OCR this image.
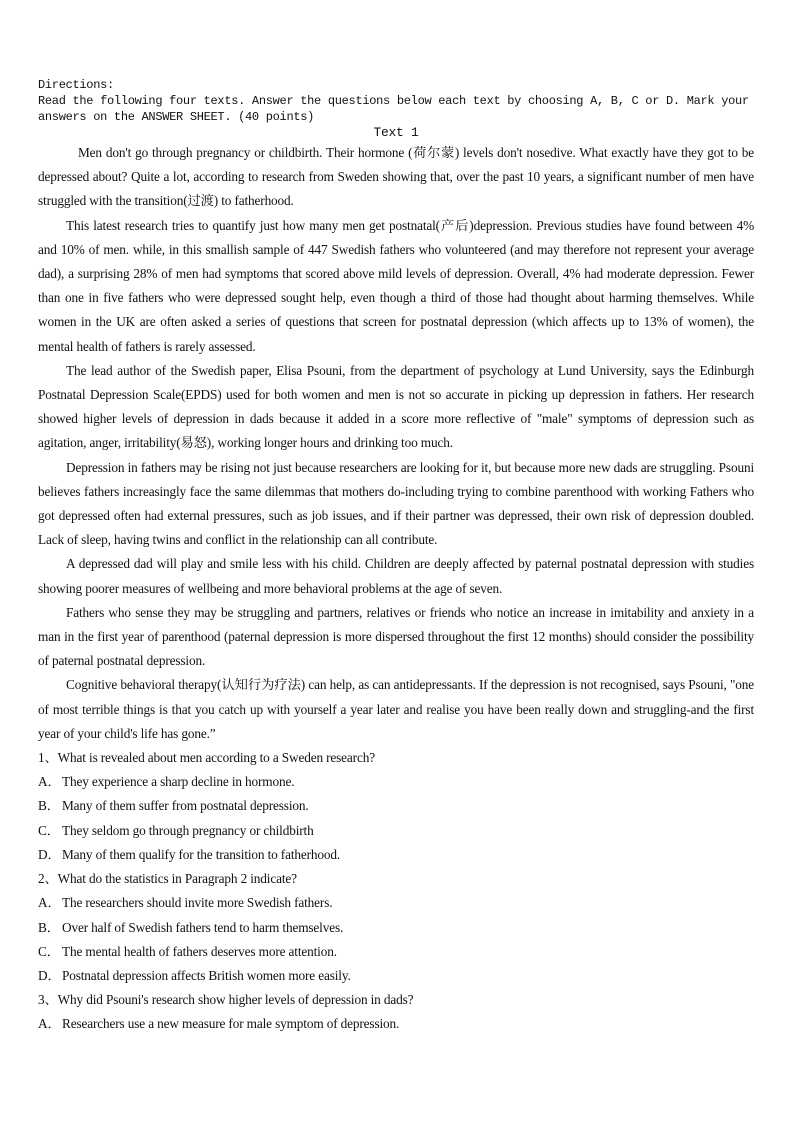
Directions:

Read the following four texts. Answer the questions below each text by choosing A, B, C or D. Mark your answers on the ANSWER SHEET. (40 points)

Text 1

Men don't go through pregnancy or childbirth. Their hormone (荷尔蒙) levels don't nosedive. What exactly have they got to be depressed about? Quite a lot, according to research from Sweden showing that, over the past 10 years, a significant number of men have struggled with the transition(过渡) to fatherhood.

This latest research tries to quantify just how many men get postnatal(产后)depression. Previous studies have found between 4% and 10% of men. while, in this smallish sample of 447 Swedish fathers who volunteered (and may therefore not represent your average dad), a surprising 28% of men had symptoms that scored above mild levels of depression. Overall, 4% had moderate depression. Fewer than one in five fathers who were depressed sought help, even though a third of those had thought about harming themselves. While women in the UK are often asked a series of questions that screen for postnatal depression (which affects up to 13% of women), the mental health of fathers is rarely assessed.

The lead author of the Swedish paper, Elisa Psouni, from the department of psychology at Lund University, says the Edinburgh Postnatal Depression Scale(EPDS) used for both women and men is not so accurate in picking up depression in fathers. Her research showed higher levels of depression in dads because it added in a score more reflective of "male" symptoms of depression such as agitation, anger, irritability(易怒), working longer hours and drinking too much.

Depression in fathers may be rising not just because researchers are looking for it, but because more new dads are struggling. Psouni believes fathers increasingly face the same dilemmas that mothers do-including trying to combine parenthood with working Fathers who got depressed often had external pressures, such as job issues, and if their partner was depressed, their own risk of depression doubled. Lack of sleep, having twins and conflict in the relationship can all contribute.

A depressed dad will play and smile less with his child. Children are deeply affected by paternal postnatal depression with studies showing poorer measures of wellbeing and more behavioral problems at the age of seven.

Fathers who sense they may be struggling and partners, relatives or friends who notice an increase in imitability and anxiety in a man in the first year of parenthood (paternal depression is more dispersed throughout the first 12 months) should consider the possibility of paternal postnatal depression.

Cognitive behavioral therapy(认知行为疗法) can help, as can antidepressants. If the depression is not recognised, says Psouni, "one of most terrible things is that you catch up with yourself a year later and realise you have been really down and struggling-and the first year of your child's life has gone.”

1、What is revealed about men according to a Sweden research?

A．They experience a sharp decline in hormone.

B． Many of them suffer from postnatal depression.

C． They seldom go through pregnancy or childbirth

D．Many of them qualify for the transition to fatherhood.

2、What do the statistics in Paragraph 2 indicate?

A．The researchers should invite more Swedish fathers.

B． Over half of Swedish fathers tend to harm themselves.

C． The mental health of fathers deserves more attention.

D．Postnatal depression affects British women more easily.

3、Why did Psouni's research show higher levels of depression in dads?

A．Researchers use a new measure for male symptom of depression.
